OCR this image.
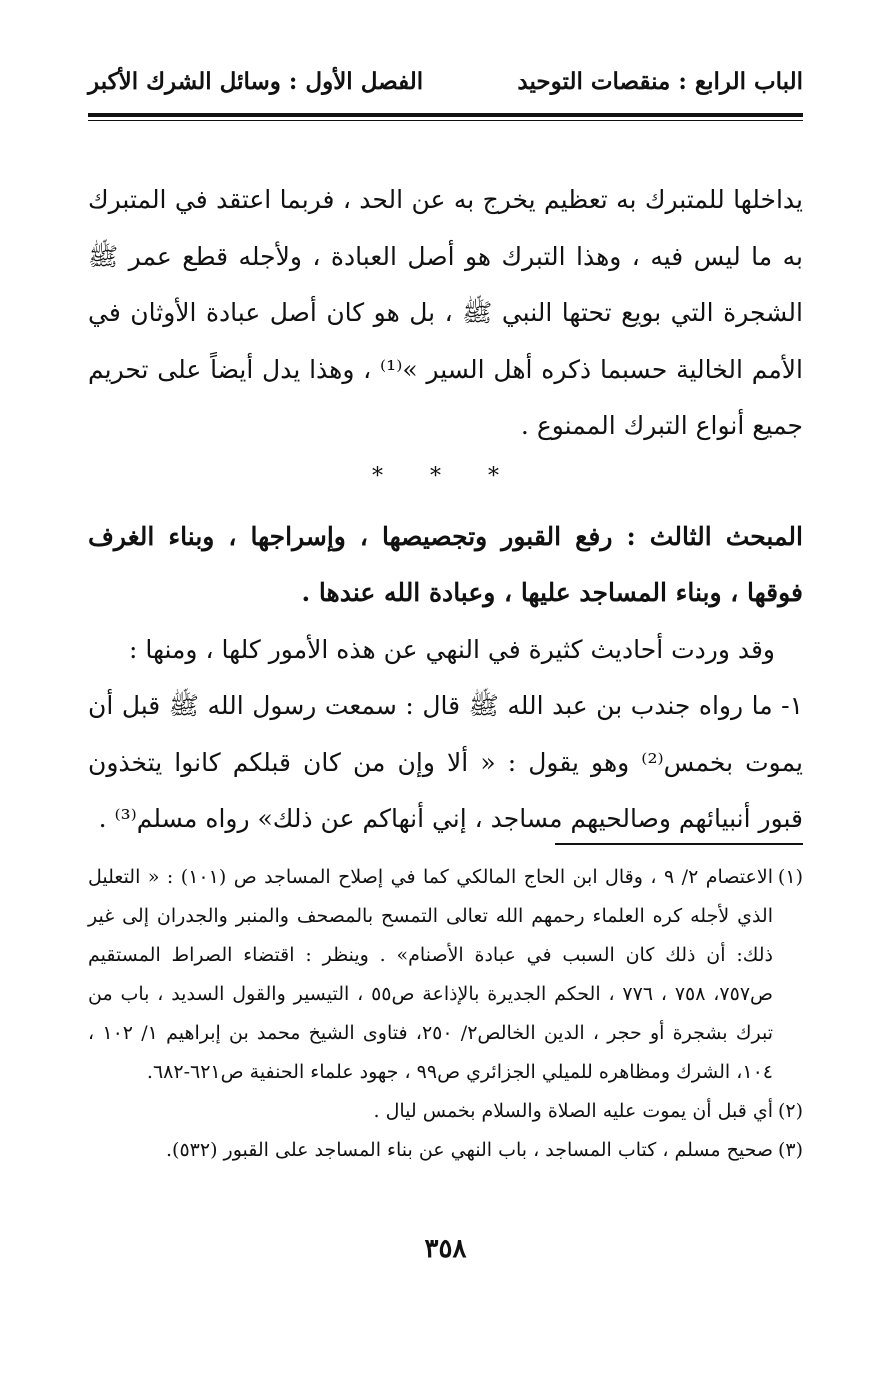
الباب الرابع : منقصات التوحيد
الفصل الأول : وسائل الشرك الأكبر

يداخلها للمتبرك به تعظيم يخرج به عن الحد ، فربما اعتقد في المتبرك به ما ليس فيه ، وهذا التبرك هو أصل العبادة ، ولأجله قطع عمر ﷺ الشجرة التي بويع تحتها النبي ﷺ ، بل هو كان أصل عبادة الأوثان في الأمم الخالية حسبما ذكره أهل السير »⁽¹⁾ ، وهذا يدل أيضاً على تحريم جميع أنواع التبرك الممنوع .

* * *

المبحث الثالث : رفع القبور وتجصيصها ، وإسراجها ، وبناء الغرف فوقها ، وبناء المساجد عليها ، وعبادة الله عندها .

وقد وردت أحاديث كثيرة في النهي عن هذه الأمور كلها ، ومنها :

١- ما رواه جندب بن عبد الله ﷺ قال : سمعت رسول الله ﷺ قبل أن يموت بخمس⁽²⁾ وهو يقول : « ألا وإن من كان قبلكم كانوا يتخذون قبور أنبيائهم وصالحيهم مساجد ، إني أنهاكم عن ذلك» رواه مسلم⁽³⁾ .

(١)الاعتصام ٢/ ٩ ، وقال ابن الحاج المالكي كما في إصلاح المساجد ص (١٠١) : « التعليل الذي لأجله كره العلماء رحمهم الله تعالى التمسح بالمصحف والمنبر والجدران إلى غير ذلك: أن ذلك كان السبب في عبادة الأصنام» . وينظر : اقتضاء الصراط المستقيم ص٧٥٧، ٧٥٨ ، ٧٧٦ ، الحكم الجديرة بالإذاعة ص٥٥ ، التيسير والقول السديد ، باب من تبرك بشجرة أو حجر ، الدين الخالص٢/ ٢٥٠، فتاوى الشيخ محمد بن إبراهيم ١/ ١٠٢ ، ١٠٤، الشرك ومظاهره للميلي الجزائري ص٩٩ ، جهود علماء الحنفية ص٦٢١-٦٨٢.

(٢)أي قبل أن يموت عليه الصلاة والسلام بخمس ليال .

(٣)صحيح مسلم ، كتاب المساجد ، باب النهي عن بناء المساجد على القبور (٥٣٢).

٣٥٨
